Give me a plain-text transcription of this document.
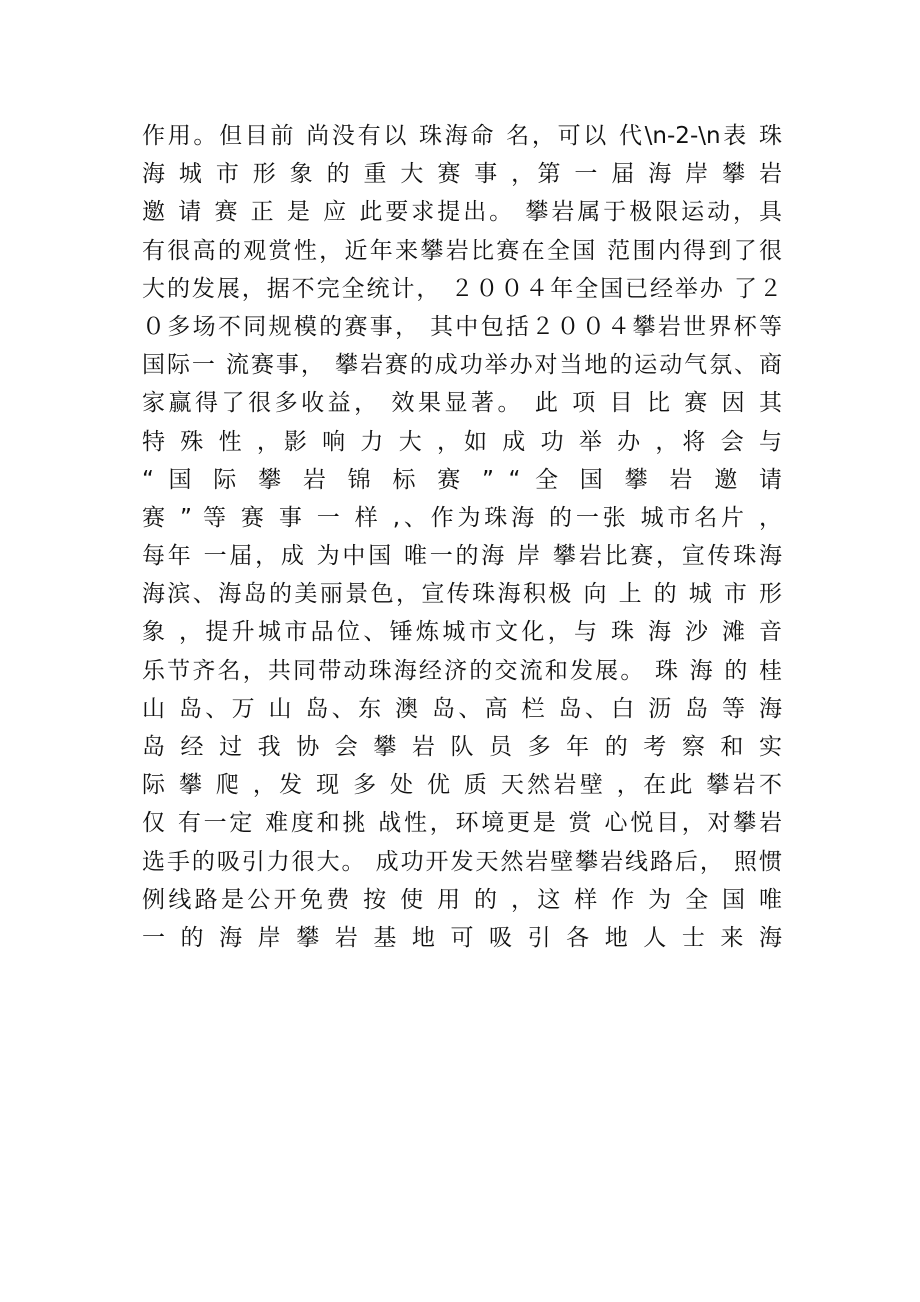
作用。但目前 尚没有以 珠海命 名，可以 代\n-2-\n表 珠
海 城 市 形 象 的 重 大 赛 事 ，第 一 届 海 岸 攀 岩
邀 请 赛 正 是 应 此要求提出。 攀岩属于极限运动，具
有很高的观赏性，近年来攀岩比赛在全国 范围内得到了很
大的发展，据不完全统计， ２００４年全国已经举办 了２
０多场不同规模的赛事， 其中包括２００４攀岩世界杯等
国际一 流赛事， 攀岩赛的成功举办对当地的运动气氛、商
家赢得了很多收益， 效果显著。 此 项 目 比 赛 因 其
特 殊 性 ，影 响 力 大 ，如 成 功 举 办 ，将 会 与
“ 国 际 攀 岩 锦 标 赛 ” “ 全 国 攀 岩 邀 请
赛 ” 等 赛 事 一 样 ,、作为珠海 的一张 城市名片 ，
每年 一届，成 为中国 唯一的海 岸 攀岩比赛，宣传珠海
海滨、海岛的美丽景色，宣传珠海积极 向 上 的 城 市 形
象 ，提升城市品位、锤炼城市文化，与 珠 海 沙 滩 音
乐节齐名，共同带动珠海经济的交流和发展。 珠 海 的 桂
山 岛、万 山 岛、东 澳 岛、高 栏 岛、白 沥 岛 等 海
岛 经 过 我 协 会 攀 岩 队 员 多 年 的 考 察 和 实
际 攀 爬 ，发 现 多 处 优 质 天然岩壁 ，在此 攀岩不
仅 有一定 难度和挑 战性，环境更是 赏 心悦目，对攀岩
选手的吸引力很大。 成功开发天然岩壁攀岩线路后， 照惯
例线路是公开免费 按 使 用 的 ，这 样 作 为 全 国 唯
一 的 海 岸 攀 岩 基 地 可 吸 引 各 地 人 士 来 海
